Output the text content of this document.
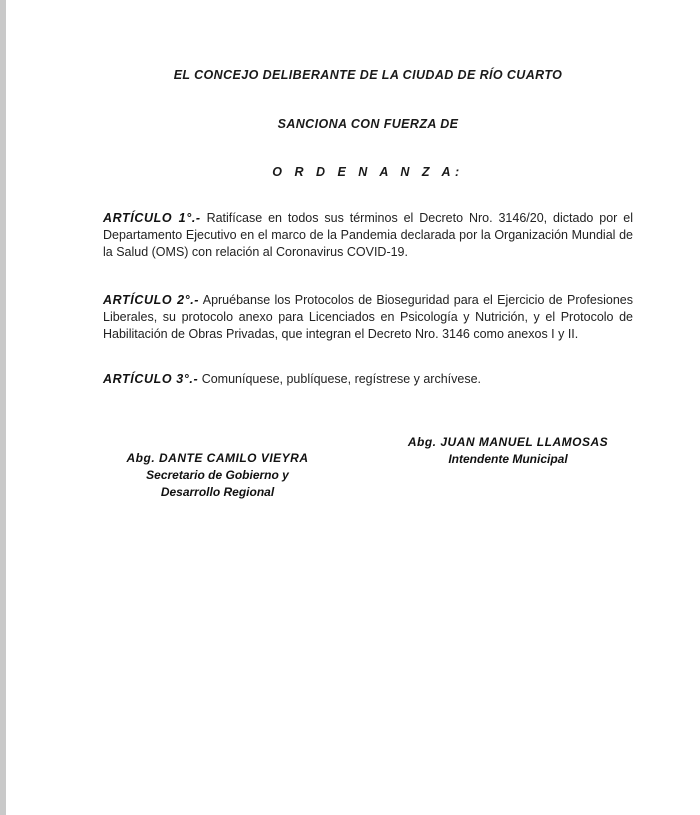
EL CONCEJO DELIBERANTE DE LA CIUDAD DE RÍO CUARTO
SANCIONA CON FUERZA DE
O R D E N A N Z A:
ARTÍCULO 1°.- Ratifícase en todos sus términos el Decreto Nro. 3146/20, dictado por el Departamento Ejecutivo en el marco de la Pandemia declarada por la Organización Mundial de la Salud (OMS) con relación al Coronavirus COVID-19.
ARTÍCULO 2°.- Apruébanse los Protocolos de Bioseguridad para el Ejercicio de Profesiones Liberales, su protocolo anexo para Licenciados en Psicología y Nutrición, y el Protocolo de Habilitación de Obras Privadas, que integran el Decreto Nro. 3146 como anexos I y II.
ARTÍCULO 3°.- Comuníquese, publíquese, regístrese y archívese.
Abg. JUAN MANUEL LLAMOSAS
Intendente Municipal
Abg. DANTE CAMILO VIEYRA
Secretario de Gobierno y
Desarrollo Regional
